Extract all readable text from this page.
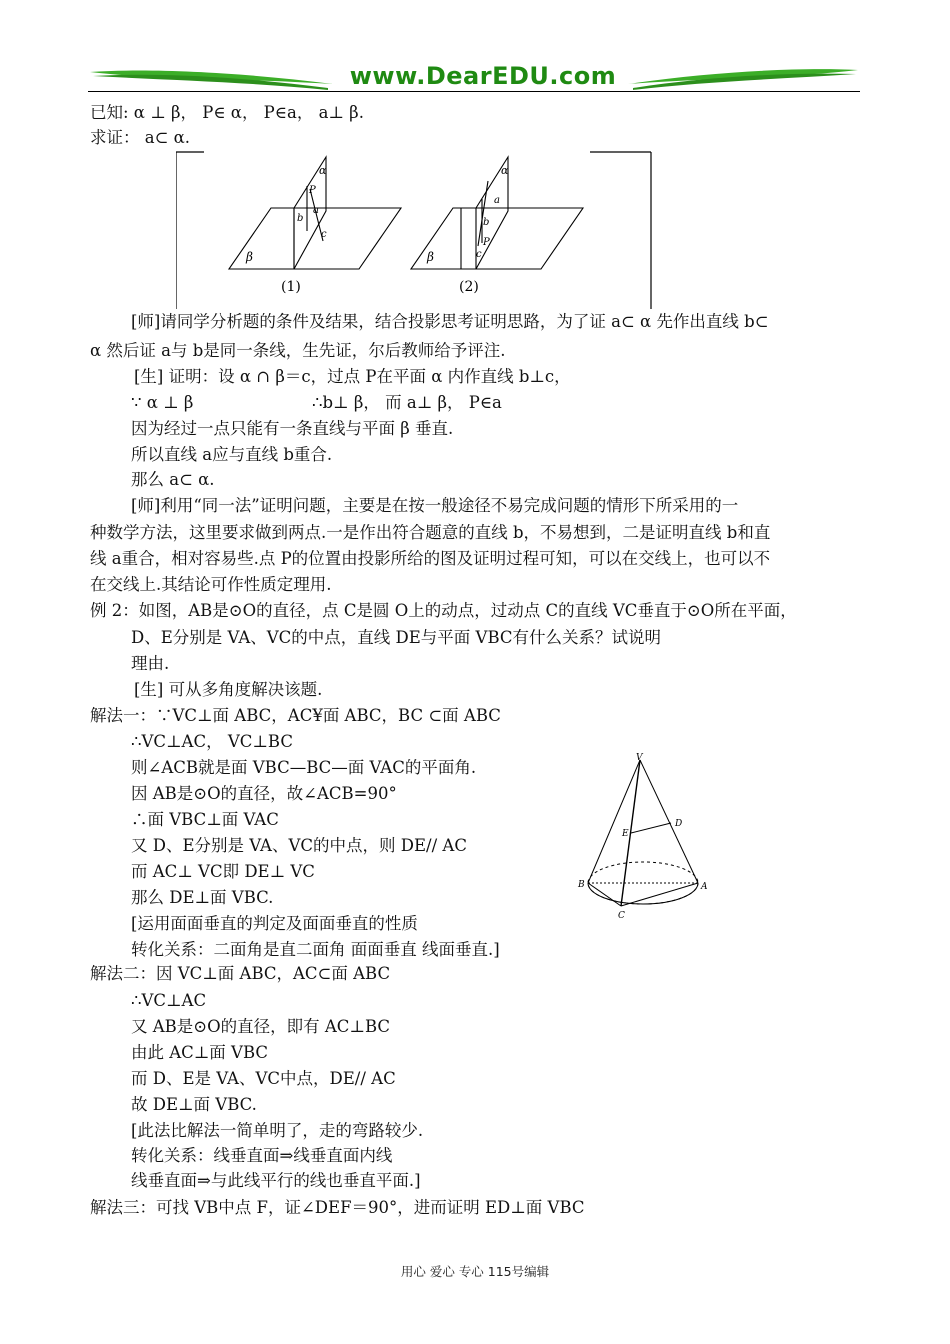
www.DearEDU.com
已知: α ⊥ β， P∈ α， P∈a， a⊥ β.
求证： a⊂ α.
α
P
a
b
c
β
(1)
α
a
b
P
c
β
(2)
[师]请同学分析题的条件及结果，结合投影思考证明思路，为了证 a⊂ α 先作出直线 b⊂
α 然后证 a与 b是同一条线，生先证，尔后教师给予评注.
[生] 证明：设 α ∩ β＝c，过点 P在平面 α 内作直线 b⊥c，
∵ α ⊥ β	∴b⊥ β， 而 a⊥ β， P∈a
因为经过一点只能有一条直线与平面 β 垂直.
所以直线 a应与直线 b重合.
那么 a⊂ α.
[师]利用“同一法”证明问题，主要是在按一般途径不易完成问题的情形下所采用的一
种数学方法，这里要求做到两点.一是作出符合题意的直线 b，不易想到，二是证明直线 b和直
线 a重合，相对容易些.点 P的位置由投影所给的图及证明过程可知，可以在交线上，也可以不
在交线上.其结论可作性质定理用.
例 2：如图，AB是⊙O的直径，点 C是圆 O上的动点，过动点 C的直线 VC垂直于⊙O所在平面，
D、E分别是 VA、VC的中点，直线 DE与平面 VBC有什么关系？试说明
理由.
[生] 可从多角度解决该题.
解法一：∵VC⊥面 ABC，AC¥面 ABC，BC ⊂面 ABC
∴VC⊥AC， VC⊥BC
则∠ACB就是面 VBC—BC—面 VAC的平面角.
因 AB是⊙O的直径，故∠ACB=90°
∴面 VBC⊥面 VAC
又 D、E分别是 VA、VC的中点，则 DE// AC
而 AC⊥ VC即 DE⊥ VC
那么 DE⊥面 VBC.
[运用面面垂直的判定及面面垂直的性质
转化关系：二面角是直二面角 面面垂直 线面垂直.]
V
D
E
B	A
C
解法二：因 VC⊥面 ABC，AC⊂面 ABC
∴VC⊥AC
又 AB是⊙O的直径，即有 AC⊥BC
由此 AC⊥面 VBC
而 D、E是 VA、VC中点，DE// AC
故 DE⊥面 VBC.
[此法比解法一简单明了，走的弯路较少.
转化关系：线垂直面⇒线垂直面内线
线垂直面⇒与此线平行的线也垂直平面.]
解法三：可找 VB中点 F，证∠DEF＝90°，进而证明 ED⊥面 VBC
用心 爱心 专心 115号编辑
